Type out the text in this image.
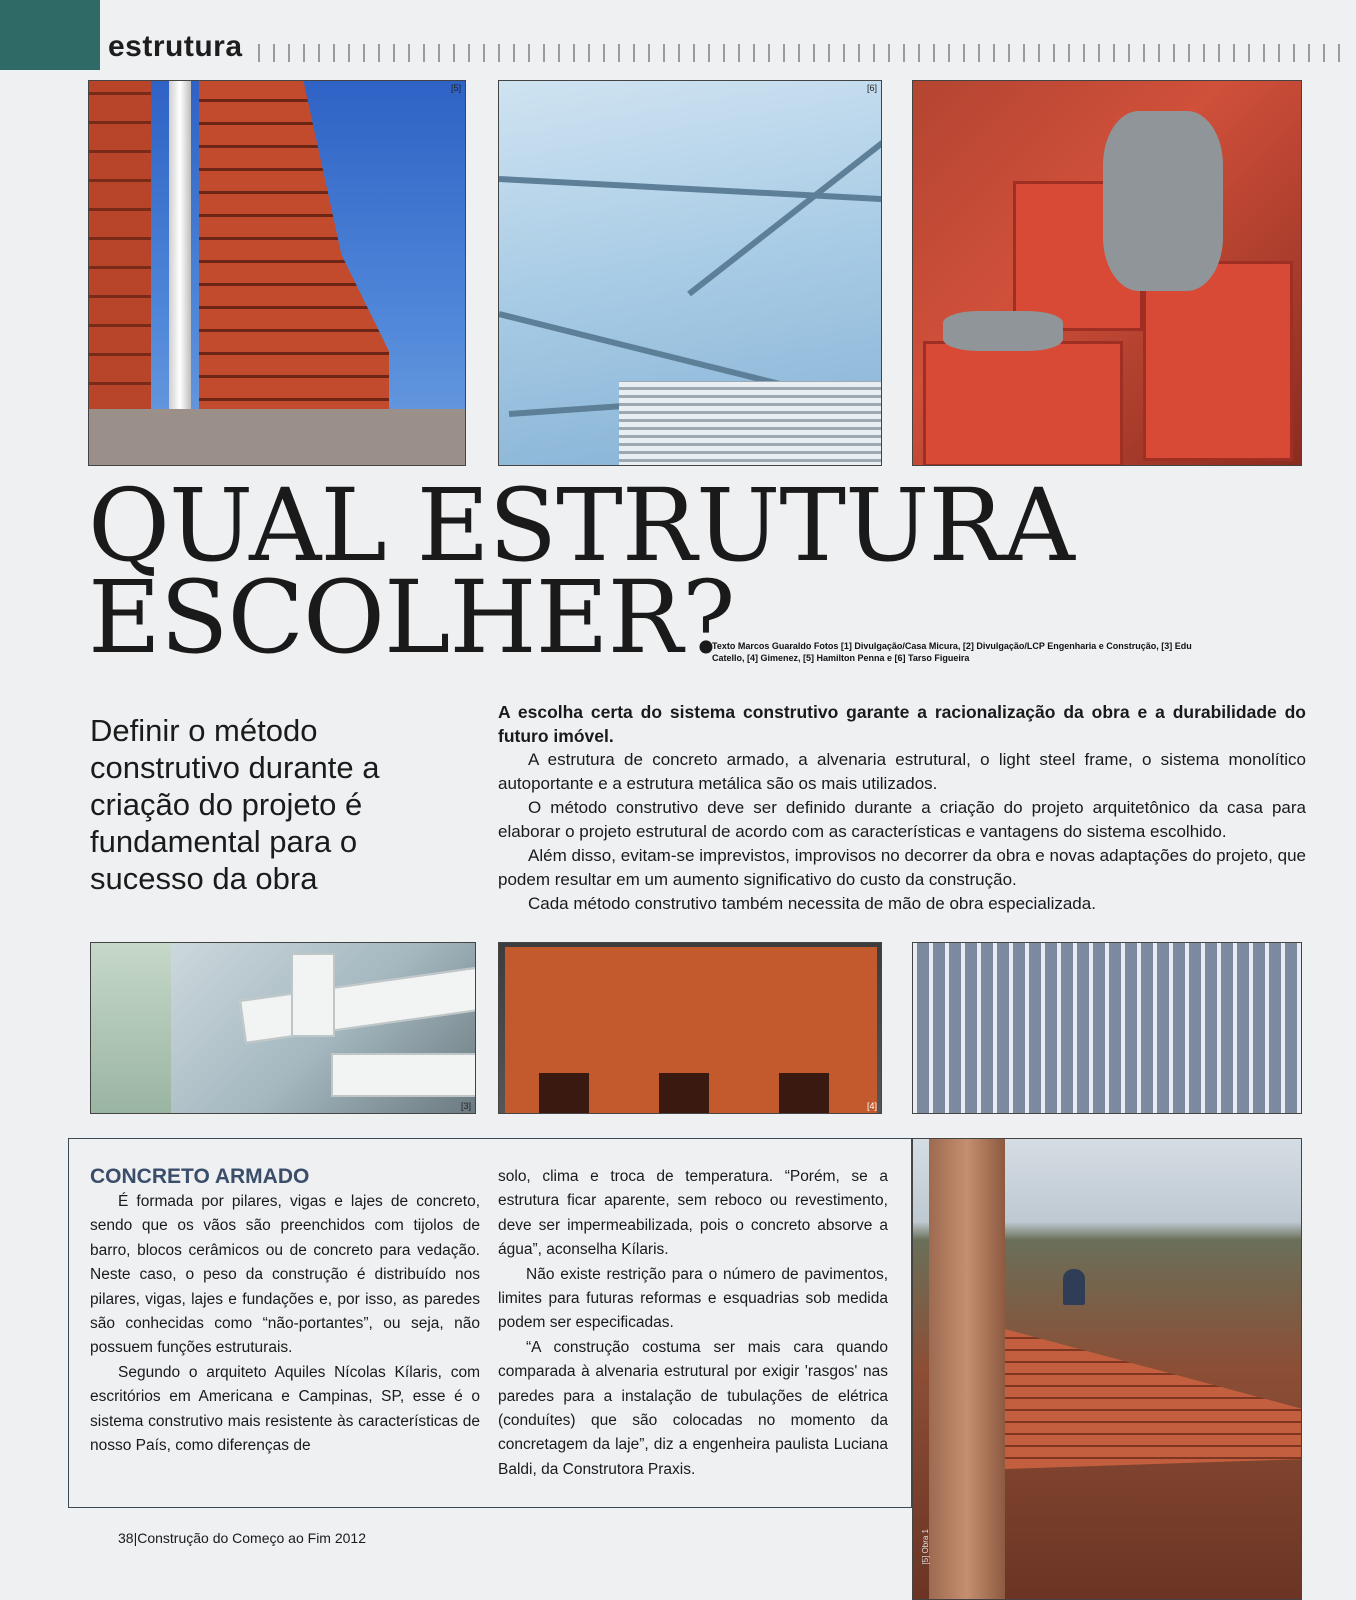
estrutura
[5]	[6]
QUAL ESTRUTURA
ESCOLHER?
Texto Marcos Guaraldo Fotos [1] Divulgação/Casa Micura, [2] Divulgação/LCP Engenharia e Construção, [3] Edu Catello, [4] Gimenez, [5] Hamilton Penna e [6] Tarso Figueira
Definir o método construtivo durante a criação do projeto é fundamental para o sucesso da obra

A escolha certa do sistema construtivo garante a racionalização da obra e a durabilidade do futuro imóvel.

A estrutura de concreto armado, a alvenaria estrutural, o light steel frame, o sistema monolítico autoportante e a estrutura metálica são os mais utilizados.

O método construtivo deve ser definido durante a criação do projeto arquitetônico da casa para elaborar o projeto estrutural de acordo com as características e vantagens do sistema escolhido.

Além disso, evitam-se imprevistos, improvisos no decorrer da obra e novas adaptações do projeto, que podem resultar em um aumento significativo do custo da construção.

Cada método construtivo também necessita de mão de obra especializada.

[3]	[4]
CONCRETO ARMADO

É formada por pilares, vigas e lajes de concreto, sendo que os vãos são preenchidos com tijolos de barro, blocos cerâmicos ou de concreto para vedação. Neste caso, o peso da construção é distribuído nos pilares, vigas, lajes e fundações e, por isso, as paredes são conhecidas como “não-portantes”, ou seja, não possuem funções estruturais.

Segundo o arquiteto Aquiles Nícolas Kílaris, com escritórios em Americana e Campinas, SP, esse é o sistema construtivo mais resistente às características de nosso País, como diferenças de

solo, clima e troca de temperatura. “Porém, se a estrutura ficar aparente, sem reboco ou revestimento, deve ser impermeabilizada, pois o concreto absorve a água”, aconselha Kílaris.

Não existe restrição para o número de pavimentos, limites para futuras reformas e esquadrias sob medida podem ser especificadas.

“A construção costuma ser mais cara quando comparada à alvenaria estrutural por exigir 'rasgos' nas paredes para a instalação de tubulações de elétrica (conduítes) que são colocadas no momento da concretagem da laje”, diz a engenheira paulista Luciana Baldi, da Construtora Praxis.

[5] Obra 1
38|Construção do Começo ao Fim 2012
